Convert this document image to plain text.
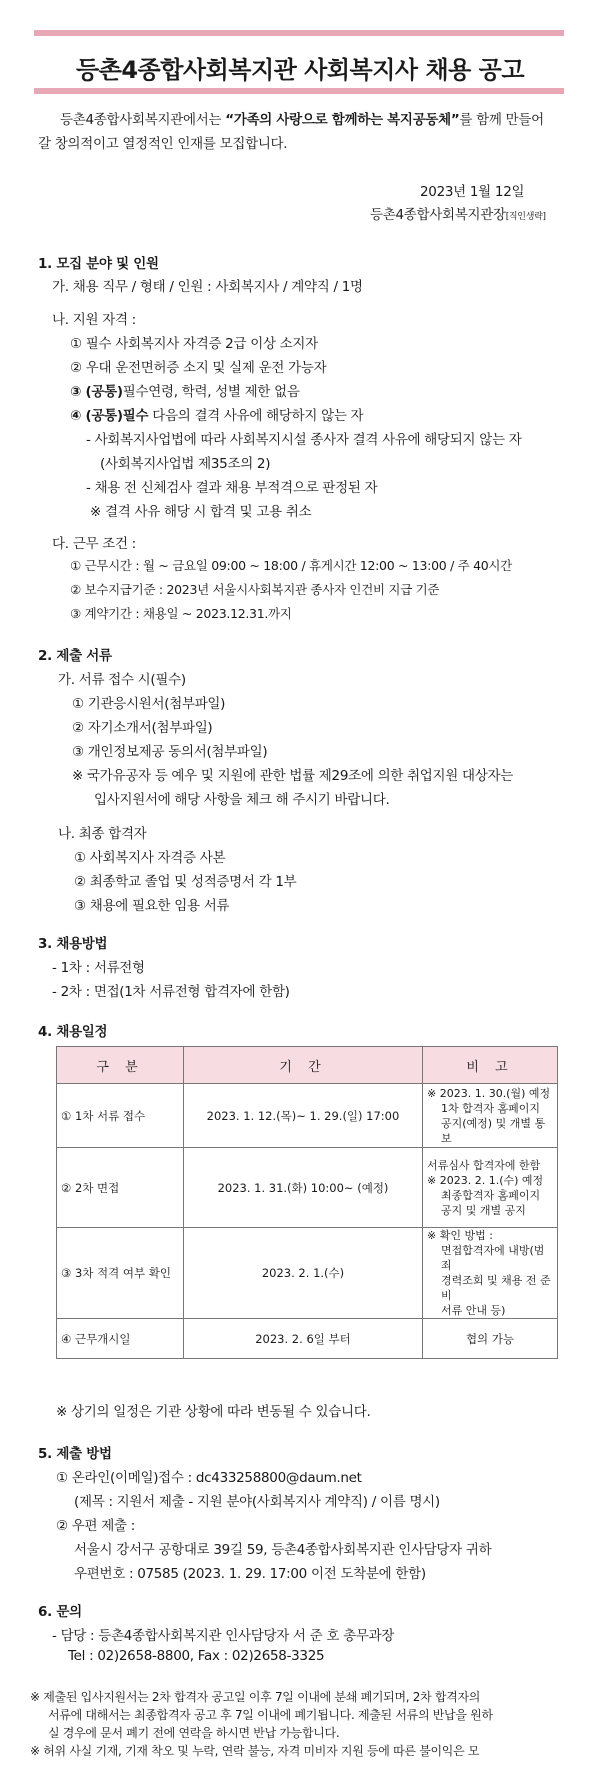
등촌4종합사회복지관 사회복지사 채용 공고
등촌4종합사회복지관에서는 “가족의 사랑으로 함께하는 복지공동체”를 함께 만들어
갈 창의적이고 열정적인 인재를 모집합니다.
2023년 1월 12일
등촌4종합사회복지관장[직인생략]
1. 모집 분야 및 인원
가. 채용 직무 / 형태 / 인원 : 사회복지사 / 계약직 / 1명
나. 지원 자격 :
① 필수 사회복지사 자격증 2급 이상 소지자
② 우대 운전면허증 소지 및 실제 운전 가능자
③ (공통)필수연령, 학력, 성별 제한 없음
④ (공통)필수 다음의 결격 사유에 해당하지 않는 자
- 사회복지사업법에 따라 사회복지시설 종사자 결격 사유에 해당되지 않는 자
(사회복지사업법 제35조의 2)
- 채용 전 신체검사 결과 채용 부적격으로 판정된 자
※ 결격 사유 해당 시 합격 및 고용 취소
다. 근무 조건 :
① 근무시간 : 월 ~ 금요일 09:00 ~ 18:00 / 휴게시간 12:00 ~ 13:00 / 주 40시간
② 보수지급기준 : 2023년 서울시사회복지관 종사자 인건비 지급 기준
③ 계약기간 : 채용일 ~ 2023.12.31.까지
2. 제출 서류
가. 서류 접수 시(필수)
① 기관응시원서(첨부파일)
② 자기소개서(첨부파일)
③ 개인정보제공 동의서(첨부파일)
※ 국가유공자 등 예우 및 지원에 관한 법률 제29조에 의한 취업지원 대상자는
입사지원서에 해당 사항을 체크 해 주시기 바랍니다.
나. 최종 합격자
① 사회복지사 자격증 사본
② 최종학교 졸업 및 성적증명서 각 1부
③ 채용에 필요한 임용 서류
3. 채용방법
- 1차 : 서류전형
- 2차 : 면접(1차 서류전형 합격자에 한함)
4. 채용일정
구 분	기 간	비 고
① 1차 서류 접수	2023. 1. 12.(목)~ 1. 29.(일) 17:00	※ 2023. 1. 30.(월) 예정
1차 합격자 홈페이지
공지(예정) 및 개별 통보

② 2차 면접	2023. 1. 31.(화) 10:00~ (예정)	서류심사 합격자에 한함
※ 2023. 2. 1.(수) 예정
최종합격자 홈페이지
공지 및 개별 공지

③ 3차 적격 여부 확인	2023. 2. 1.(수)	※ 확인 방법 :
면접합격자에 내방(범죄
경력조회 및 채용 전 준비
서류 안내 등)

④ 근무개시일	2023. 2. 6일 부터	협의 가능
※ 상기의 일정은 기관 상황에 따라 변동될 수 있습니다.
5. 제출 방법
① 온라인(이메일)접수 : dc433258800@daum.net
(제목 : 지원서 제출 - 지원 분야(사회복지사 계약직) / 이름 명시)
② 우편 제출 :
서울시 강서구 공항대로 39길 59, 등촌4종합사회복지관 인사담당자 귀하
우편번호 : 07585 (2023. 1. 29. 17:00 이전 도착분에 한함)
6. 문의
- 담당 : 등촌4종합사회복지관 인사담당자 서 준 호 총무과장
Tel : 02)2658-8800, Fax : 02)2658-3325
※ 제출된 입사지원서는 2차 합격자 공고일 이후 7일 이내에 분쇄 폐기되며, 2차 합격자의
서류에 대해서는 최종합격자 공고 후 7일 이내에 폐기됩니다. 제출된 서류의 반납을 원하
실 경우에 문서 폐기 전에 연락을 하시면 반납 가능합니다.
※ 허위 사실 기재, 기재 착오 및 누락, 연락 불능, 자격 미비자 지원 등에 따른 불이익은 모
